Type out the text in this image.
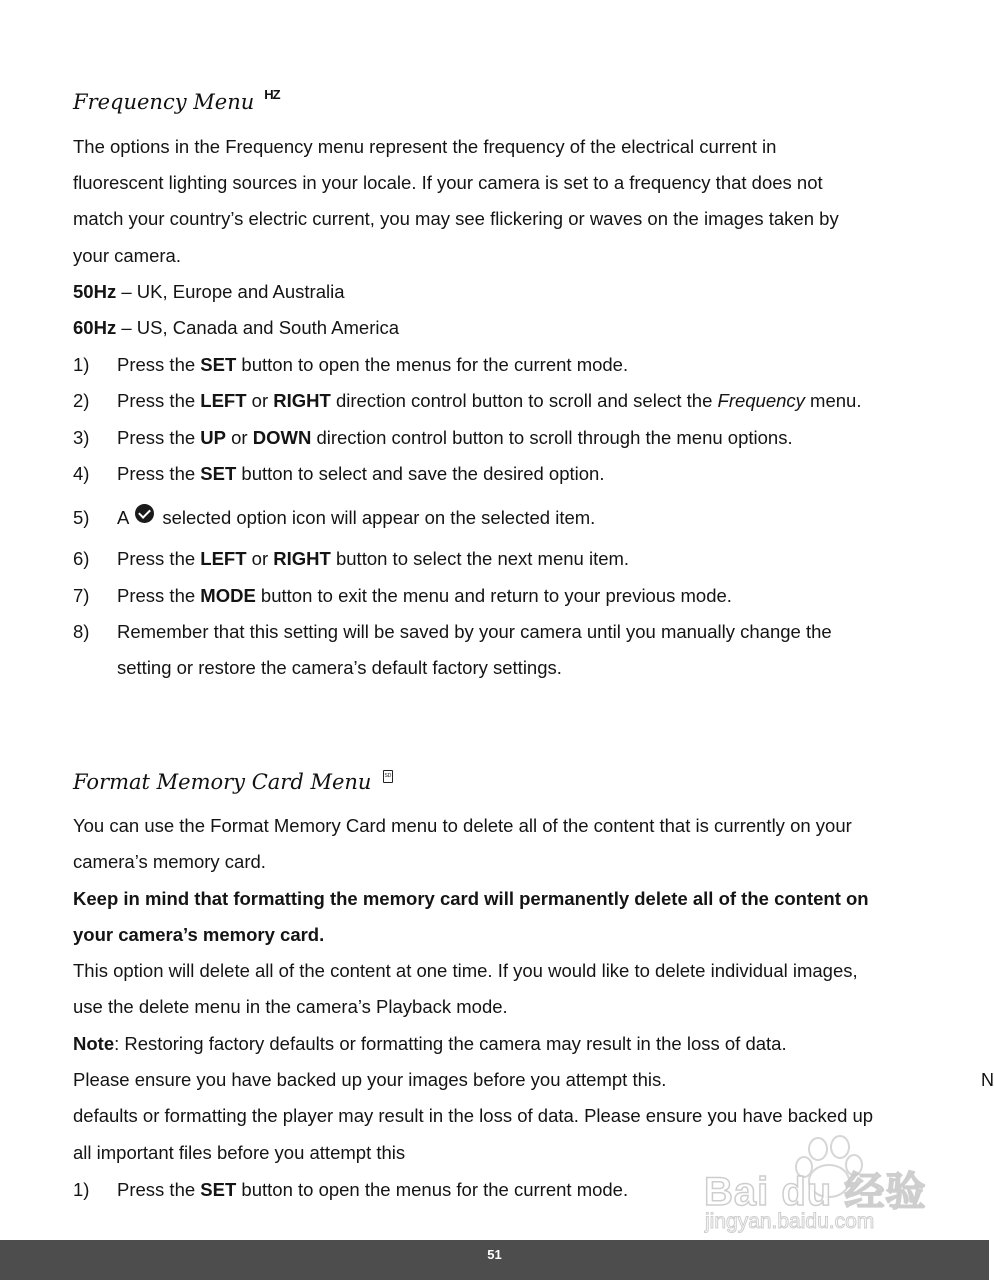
Frequency Menu $^{HZ}$
The options in the Frequency menu represent the frequency of the electrical current in
fluorescent lighting sources in your locale. If your camera is set to a frequency that does not
match your country’s electric current, you may see flickering or waves on the images taken by
your camera.
50Hz – UK, Europe and Australia
60Hz – US, Canada and South America
1) Press the SET button to open the menus for the current mode.
2) Press the LEFT or RIGHT direction control button to scroll and select the Frequency menu.
3) Press the UP or DOWN direction control button to scroll through the menu options.
4) Press the SET button to select and save the desired option.
5) A selected option icon will appear on the selected item.
6) Press the LEFT or RIGHT button to select the next menu item.
7) Press the MODE button to exit the menu and return to your previous mode.
8) Remember that this setting will be saved by your camera until you manually change the
setting or restore the camera’s default factory settings.
Format Memory Card MenuSD
You can use the Format Memory Card menu to delete all of the content that is currently on your
camera’s memory card.
Keep in mind that formatting the memory card will permanently delete all of the content on
your camera’s memory card.
This option will delete all of the content at one time. If you would like to delete individual images,
use the delete menu in the camera’s Playback mode.
Note: Restoring factory defaults or formatting the camera may result in the loss of data.
Please ensure you have backed up your images before you attempt this.	N
defaults or formatting the player may result in the loss of data. Please ensure you have backed up
all important files before you attempt this
1) Press the SET button to open the menus for the current mode. Bai du 经验
jingyan.baidu.com
51
